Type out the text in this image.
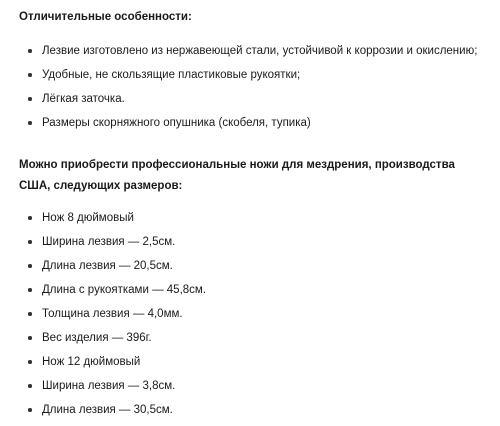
Отличительные особенности:

Лезвие изготовлено из нержавеющей стали, устойчивой к коррозии и окислению;
Удобные, не скользящие пластиковые рукоятки;
Лёгкая заточка.
Размеры скорняжного опушника (скобеля, тупика)

Можно приобрести профессиональные ножи для мездрения, производства США, следующих размеров:

Нож 8 дюймовый
Ширина лезвия — 2,5см.
Длина лезвия — 20,5см.
Длина с рукоятками — 45,8см.
Толщина лезвия — 4,0мм.
Вес изделия — 396г.
Нож 12 дюймовый
Ширина лезвия — 3,8см.
Длина лезвия — 30,5см.
